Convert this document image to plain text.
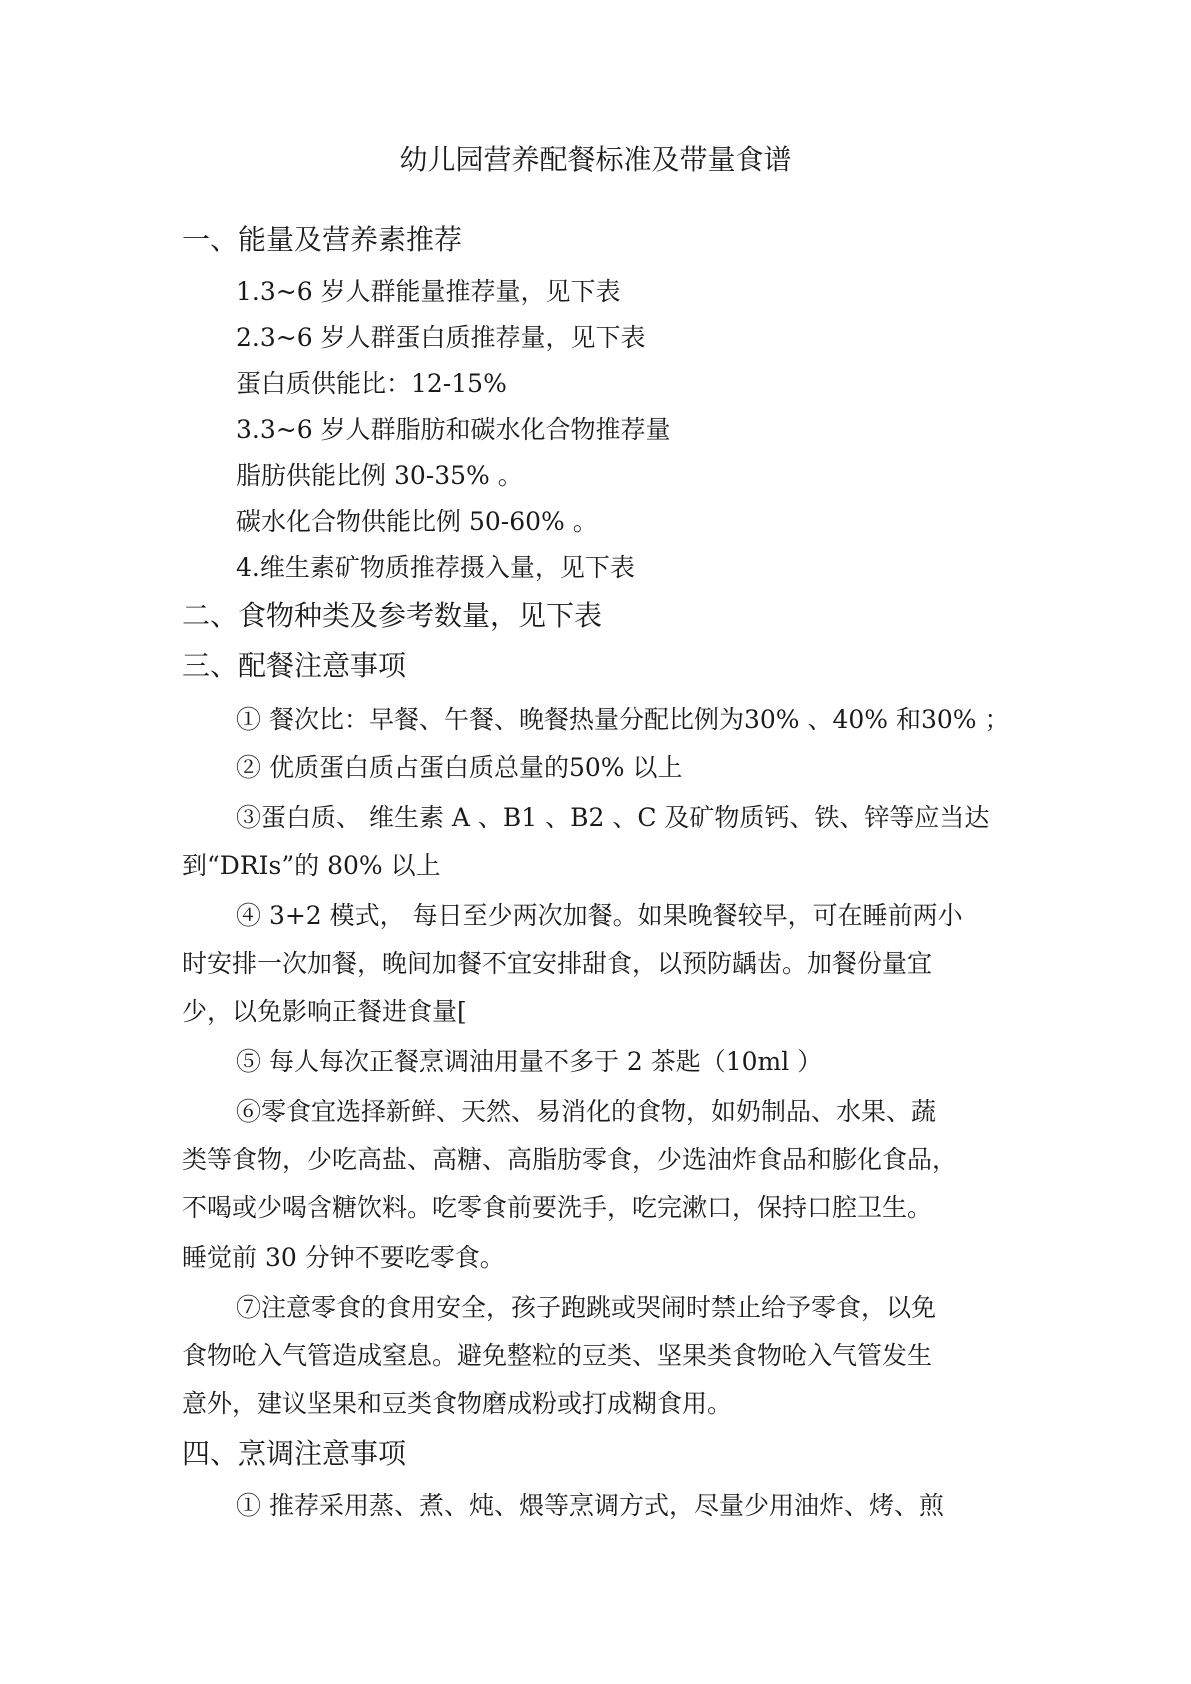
幼儿园营养配餐标准及带量食谱
一、能量及营养素推荐
1.3~6 岁人群能量推荐量，见下表
2.3~6 岁人群蛋白质推荐量，见下表
蛋白质供能比：12-15%
3.3~6 岁人群脂肪和碳水化合物推荐量
脂肪供能比例 30-35% 。
碳水化合物供能比例 50-60% 。
4.维生素矿物质推荐摄入量，见下表
二、食物种类及参考数量，见下表
三、配餐注意事项
① 餐次比：早餐、午餐、晚餐热量分配比例为30% 、40% 和30% ；
② 优质蛋白质占蛋白质总量的50% 以上
③蛋白质、 维生素 A 、B1 、B2 、C 及矿物质钙、铁、锌等应当达
到“DRIs”的 80% 以上
④ 3+2 模式， 每日至少两次加餐。如果晚餐较早，可在睡前两小
时安排一次加餐，晚间加餐不宜安排甜食，以预防龋齿。加餐份量宜
少，以免影响正餐进食量[
⑤ 每人每次正餐烹调油用量不多于 2 茶匙（10ml ）
⑥零食宜选择新鲜、天然、易消化的食物，如奶制品、水果、蔬
类等食物，少吃高盐、高糖、高脂肪零食，少选油炸食品和膨化食品，
不喝或少喝含糖饮料。吃零食前要洗手，吃完漱口，保持口腔卫生。
睡觉前 30 分钟不要吃零食。
⑦注意零食的食用安全，孩子跑跳或哭闹时禁止给予零食，以免
食物呛入气管造成窒息。避免整粒的豆类、坚果类食物呛入气管发生
意外，建议坚果和豆类食物磨成粉或打成糊食用。
四、烹调注意事项
① 推荐采用蒸、煮、炖、煨等烹调方式，尽量少用油炸、烤、煎
